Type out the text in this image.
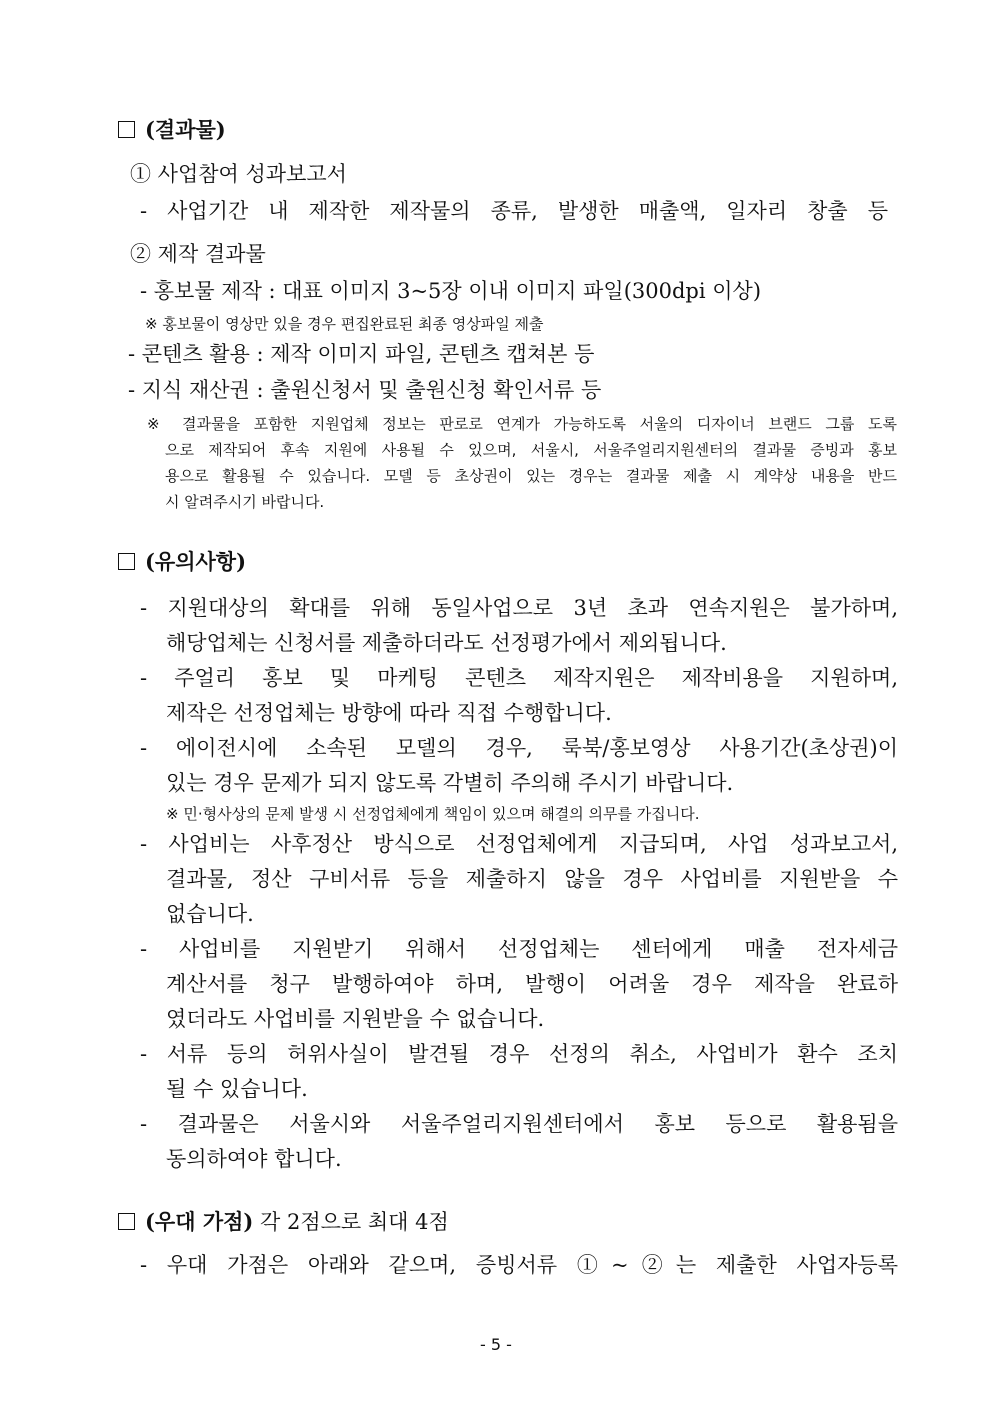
(결과물)
① 사업참여 성과보고서
- 사업기간 내 제작한 제작물의 종류, 발생한 매출액, 일자리 창출 등
② 제작 결과물
- 홍보물 제작 : 대표 이미지 3~5장 이내 이미지 파일(300dpi 이상)
※ 홍보물이 영상만 있을 경우 편집완료된 최종 영상파일 제출
- 콘텐츠 활용 : 제작 이미지 파일, 콘텐츠 캡쳐본 등
- 지식 재산권 : 출원신청서 및 출원신청 확인서류 등
※ 결과물을 포함한 지원업체 정보는 판로로 연계가 가능하도록 서울의 디자이너 브랜드 그룹 도록
으로 제작되어 후속 지원에 사용될 수 있으며, 서울시, 서울주얼리지원센터의 결과물 증빙과 홍보
용으로 활용될 수 있습니다. 모델 등 초상권이 있는 경우는 결과물 제출 시 계약상 내용을 반드
시 알려주시기 바랍니다.
(유의사항)
- 지원대상의 확대를 위해 동일사업으로 3년 초과 연속지원은 불가하며,
해당업체는 신청서를 제출하더라도 선정평가에서 제외됩니다.
- 주얼리 홍보 및 마케팅 콘텐츠 제작지원은 제작비용을 지원하며,
제작은 선정업체는 방향에 따라 직접 수행합니다.
- 에이전시에 소속된 모델의 경우, 룩북/홍보영상 사용기간(초상권)이
있는 경우 문제가 되지 않도록 각별히 주의해 주시기 바랍니다.
※ 민·형사상의 문제 발생 시 선정업체에게 책임이 있으며 해결의 의무를 가집니다.
- 사업비는 사후정산 방식으로 선정업체에게 지급되며, 사업 성과보고서,
결과물, 정산 구비서류 등을 제출하지 않을 경우 사업비를 지원받을 수
없습니다.
- 사업비를 지원받기 위해서 선정업체는 센터에게 매출 전자세금
계산서를 청구 발행하여야 하며, 발행이 어려울 경우 제작을 완료하
였더라도 사업비를 지원받을 수 없습니다.
- 서류 등의 허위사실이 발견될 경우 선정의 취소, 사업비가 환수 조치
될 수 있습니다.
- 결과물은 서울시와 서울주얼리지원센터에서 홍보 등으로 활용됨을
동의하여야 합니다.
(우대 가점) 각 2점으로 최대 4점
- 우대 가점은 아래와 같으며, 증빙서류 ①~②는 제출한 사업자등록
- 5 -
